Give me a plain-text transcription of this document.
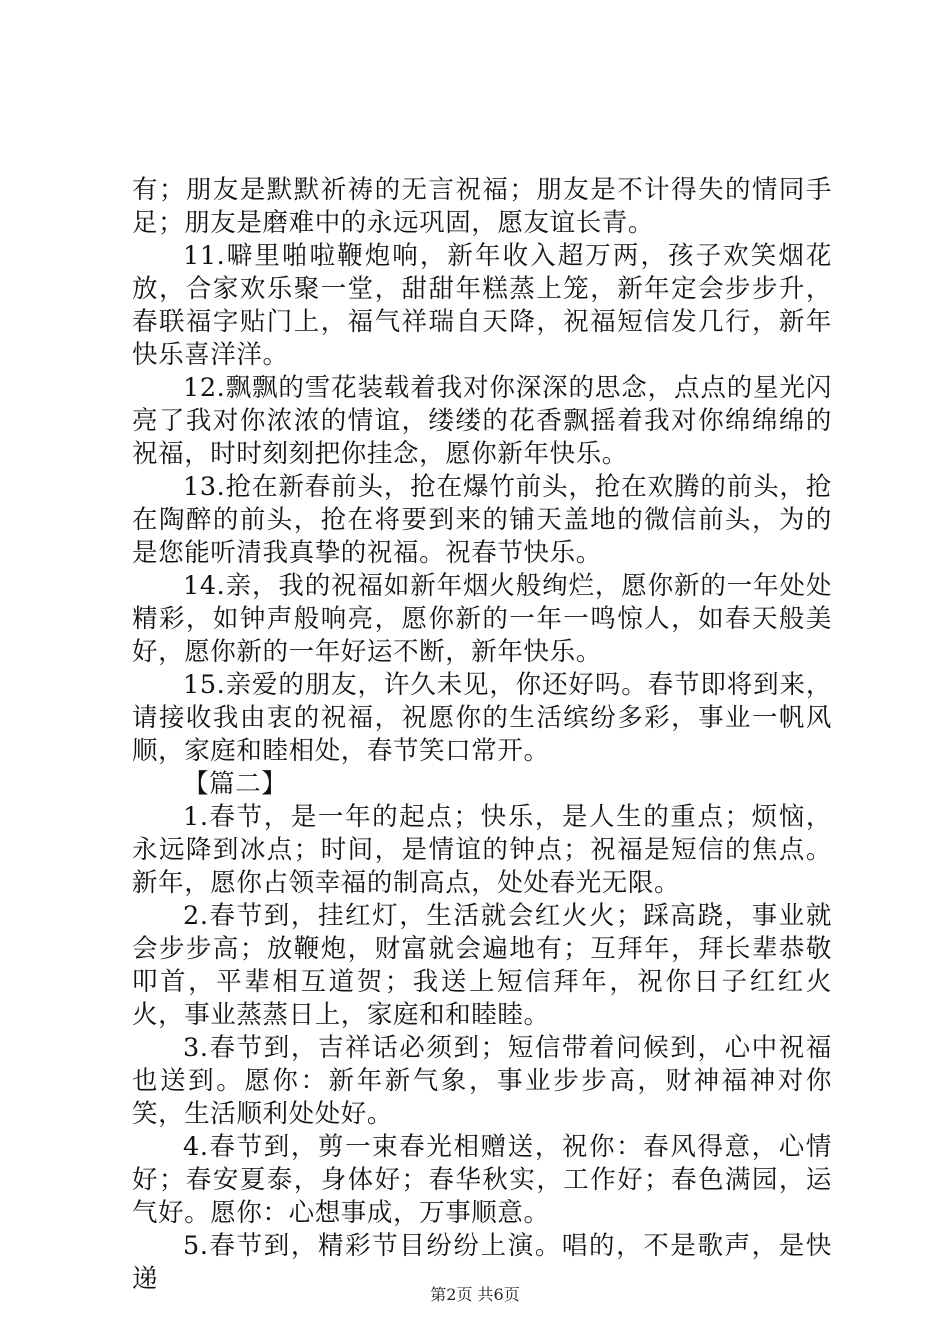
有；朋友是默默祈祷的无言祝福；朋友是不计得失的情同手足；朋友是磨难中的永远巩固，愿友谊长青。

11.噼里啪啦鞭炮响，新年收入超万两，孩子欢笑烟花放，合家欢乐聚一堂，甜甜年糕蒸上笼，新年定会步步升，春联福字贴门上，福气祥瑞自天降，祝福短信发几行，新年快乐喜洋洋。

12.飘飘的雪花装载着我对你深深的思念，点点的星光闪亮了我对你浓浓的情谊，缕缕的花香飘摇着我对你绵绵绵的祝福，时时刻刻把你挂念，愿你新年快乐。

13.抢在新春前头，抢在爆竹前头，抢在欢腾的前头，抢在陶醉的前头，抢在将要到来的铺天盖地的微信前头，为的是您能听清我真挚的祝福。祝春节快乐。

14.亲，我的祝福如新年烟火般绚烂，愿你新的一年处处精彩，如钟声般响亮，愿你新的一年一鸣惊人，如春天般美好，愿你新的一年好运不断，新年快乐。

15.亲爱的朋友，许久未见，你还好吗。春节即将到来，请接收我由衷的祝福，祝愿你的生活缤纷多彩，事业一帆风顺，家庭和睦相处，春节笑口常开。

【篇二】

1.春节，是一年的起点；快乐，是人生的重点；烦恼，永远降到冰点；时间，是情谊的钟点；祝福是短信的焦点。新年，愿你占领幸福的制高点，处处春光无限。

2.春节到，挂红灯，生活就会红火火；踩高跷，事业就会步步高；放鞭炮，财富就会遍地有；互拜年，拜长辈恭敬叩首，平辈相互道贺；我送上短信拜年，祝你日子红红火火，事业蒸蒸日上，家庭和和睦睦。

3.春节到，吉祥话必须到；短信带着问候到，心中祝福也送到。愿你：新年新气象，事业步步高，财神福神对你笑，生活顺利处处好。

4.春节到，剪一束春光相赠送，祝你：春风得意，心情好；春安夏泰，身体好；春华秋实，工作好；春色满园，运气好。愿你：心想事成，万事顺意。

5.春节到，精彩节目纷纷上演。唱的，不是歌声，是快递

第2页 共6页
